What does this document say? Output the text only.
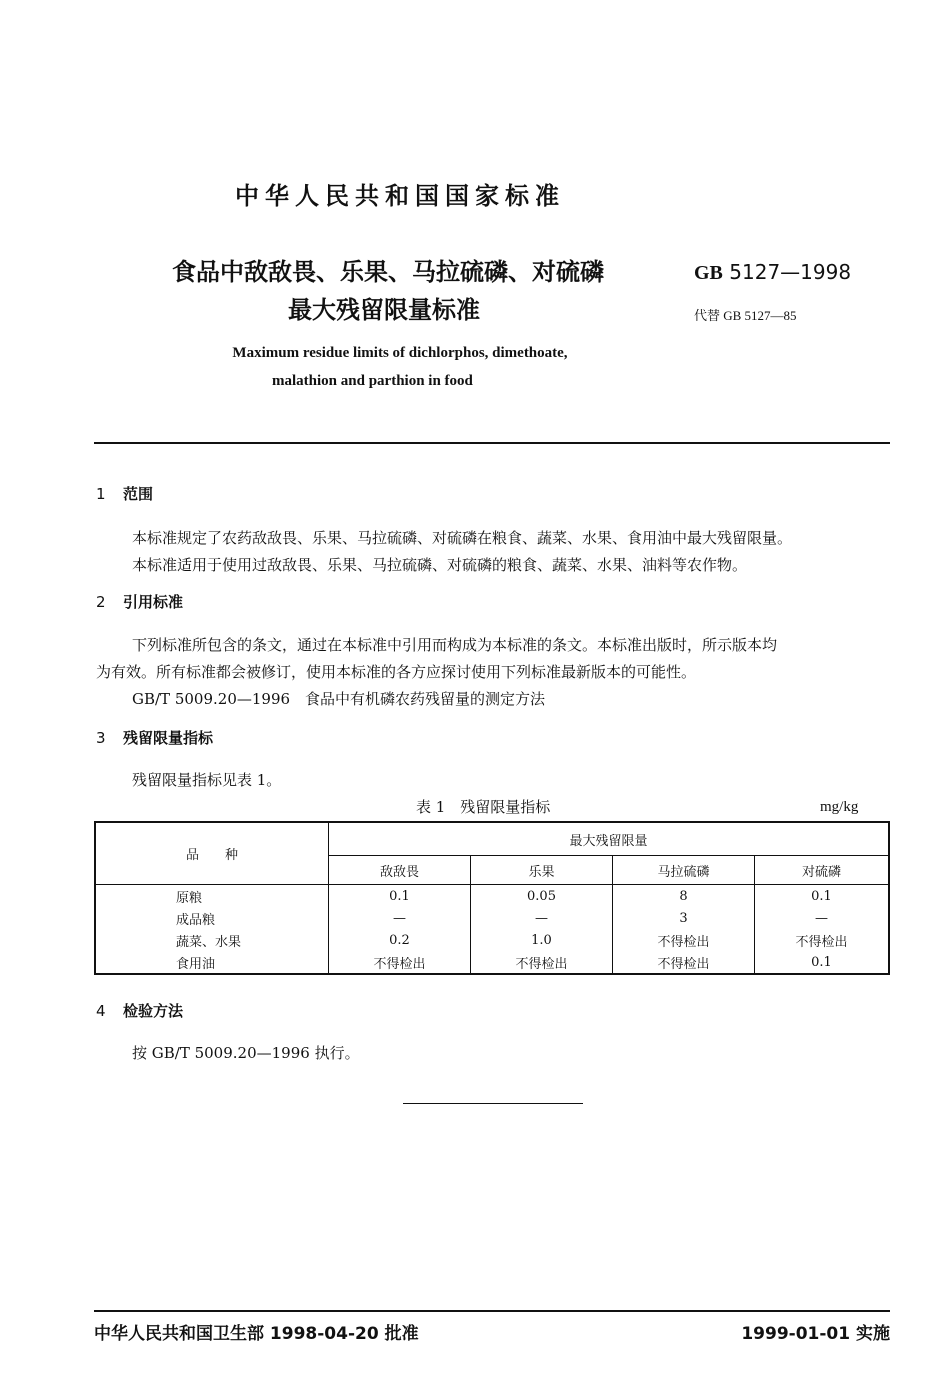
中华人民共和国国家标准
食品中敌敌畏、乐果、马拉硫磷、对硫磷
最大残留限量标准
GB 5127—1998
代替 GB 5127—85
Maximum residue limits of dichlorphos, dimethoate,
malathion and parthion in food
1 范围
本标准规定了农药敌敌畏、乐果、马拉硫磷、对硫磷在粮食、蔬菜、水果、食用油中最大残留限量。
本标准适用于使用过敌敌畏、乐果、马拉硫磷、对硫磷的粮食、蔬菜、水果、油料等农作物。
2 引用标准
下列标准所包含的条文，通过在本标准中引用而构成为本标准的条文。本标准出版时，所示版本均
为有效。所有标准都会被修订，使用本标准的各方应探讨使用下列标准最新版本的可能性。
GB/T 5009.20—1996　食品中有机磷农药残留量的测定方法
3 残留限量指标
残留限量指标见表 1。
表 1　残留限量指标	mg/kg
品　　种	最大残留限量			
	敌敌畏	乐果	马拉硫磷	对硫磷
原粮	0.1	0.05	8	0.1
成品粮	—	—	3	—
蔬菜、水果	0.2	1.0	不得检出	不得检出
食用油	不得检出	不得检出	不得检出	0.1
4 检验方法
按 GB/T 5009.20—1996 执行。
中华人民共和国卫生部 1998-04-20 批准	1999-01-01 实施
